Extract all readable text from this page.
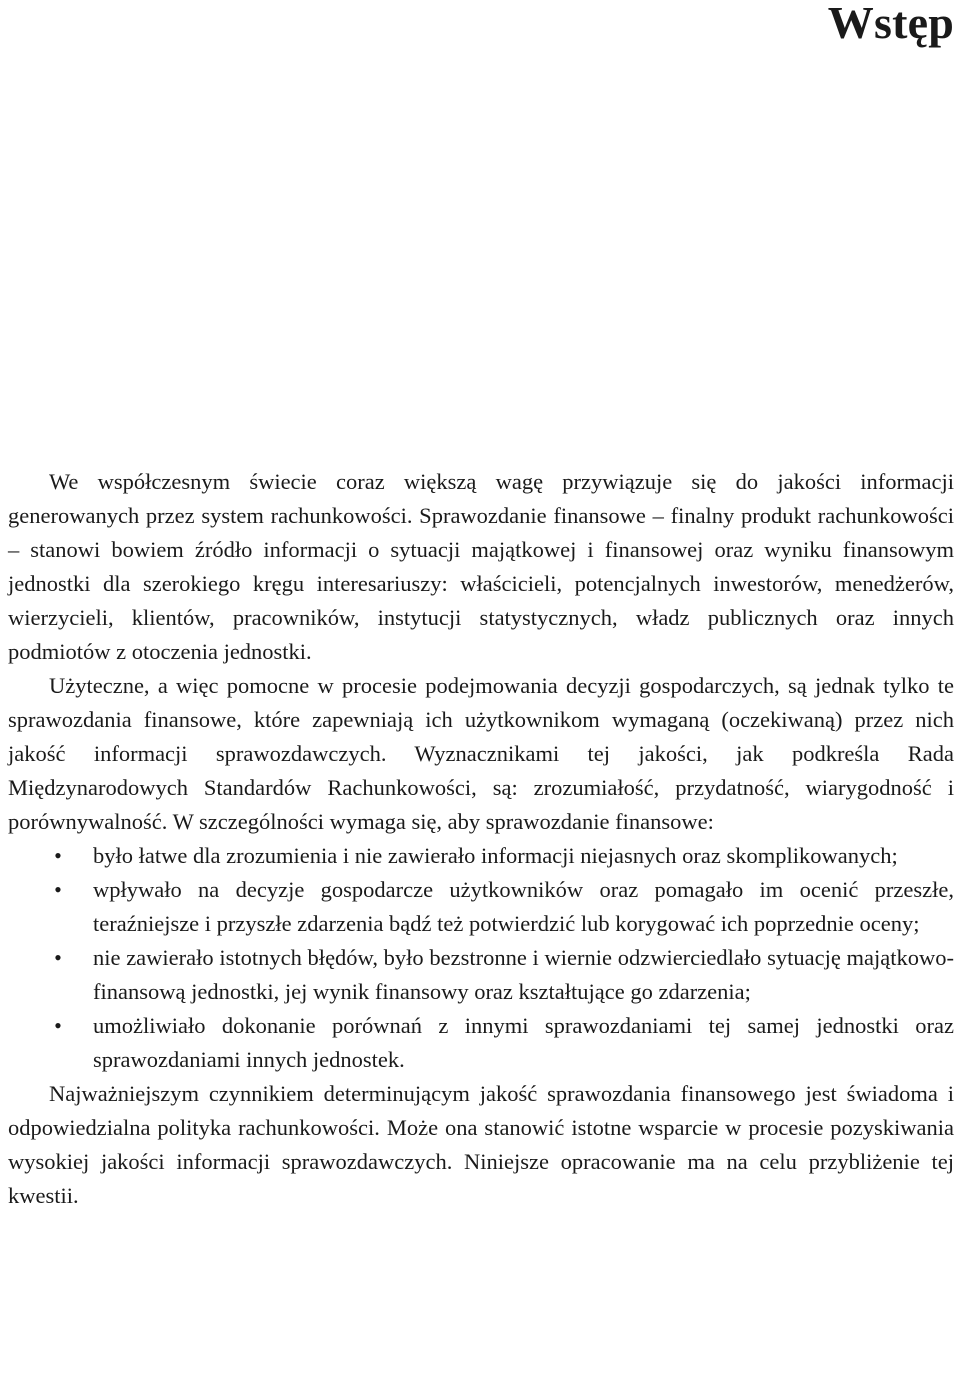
Wstęp

We współczesnym świecie coraz większą wagę przywiązuje się do jakości informacji generowanych przez system rachunkowości. Sprawozdanie finansowe – finalny produkt rachunkowości – stanowi bowiem źródło informacji o sytuacji majątkowej i finansowej oraz wyniku finansowym jednostki dla szerokiego kręgu interesariuszy: właścicieli, potencjalnych inwestorów, menedżerów, wierzycieli, klientów, pracowników, instytucji statystycznych, władz publicznych oraz innych podmiotów z otoczenia jednostki.

Użyteczne, a więc pomocne w procesie podejmowania decyzji gospodarczych, są jednak tylko te sprawozdania finansowe, które zapewniają ich użytkownikom wymaganą (oczekiwaną) przez nich jakość informacji sprawozdawczych. Wyznacznikami tej jakości, jak podkreśla Rada Międzynarodowych Standardów Rachunkowości, są: zrozumiałość, przydatność, wiarygodność i porównywalność. W szczególności wymaga się, aby sprawozdanie finansowe:

• było łatwe dla zrozumienia i nie zawierało informacji niejasnych oraz skomplikowanych;
• wpływało na decyzje gospodarcze użytkowników oraz pomagało im ocenić przeszłe, teraźniejsze i przyszłe zdarzenia bądź też potwierdzić lub korygować ich poprzednie oceny;
• nie zawierało istotnych błędów, było bezstronne i wiernie odzwierciedlało sytuację majątkowo-finansową jednostki, jej wynik finansowy oraz kształtujące go zdarzenia;
• umożliwiało dokonanie porównań z innymi sprawozdaniami tej samej jednostki oraz sprawozdaniami innych jednostek.

Najważniejszym czynnikiem determinującym jakość sprawozdania finansowego jest świadoma i odpowiedzialna polityka rachunkowości. Może ona stanowić istotne wsparcie w procesie pozyskiwania wysokiej jakości informacji sprawozdawczych. Niniejsze opracowanie ma na celu przybliżenie tej kwestii.
